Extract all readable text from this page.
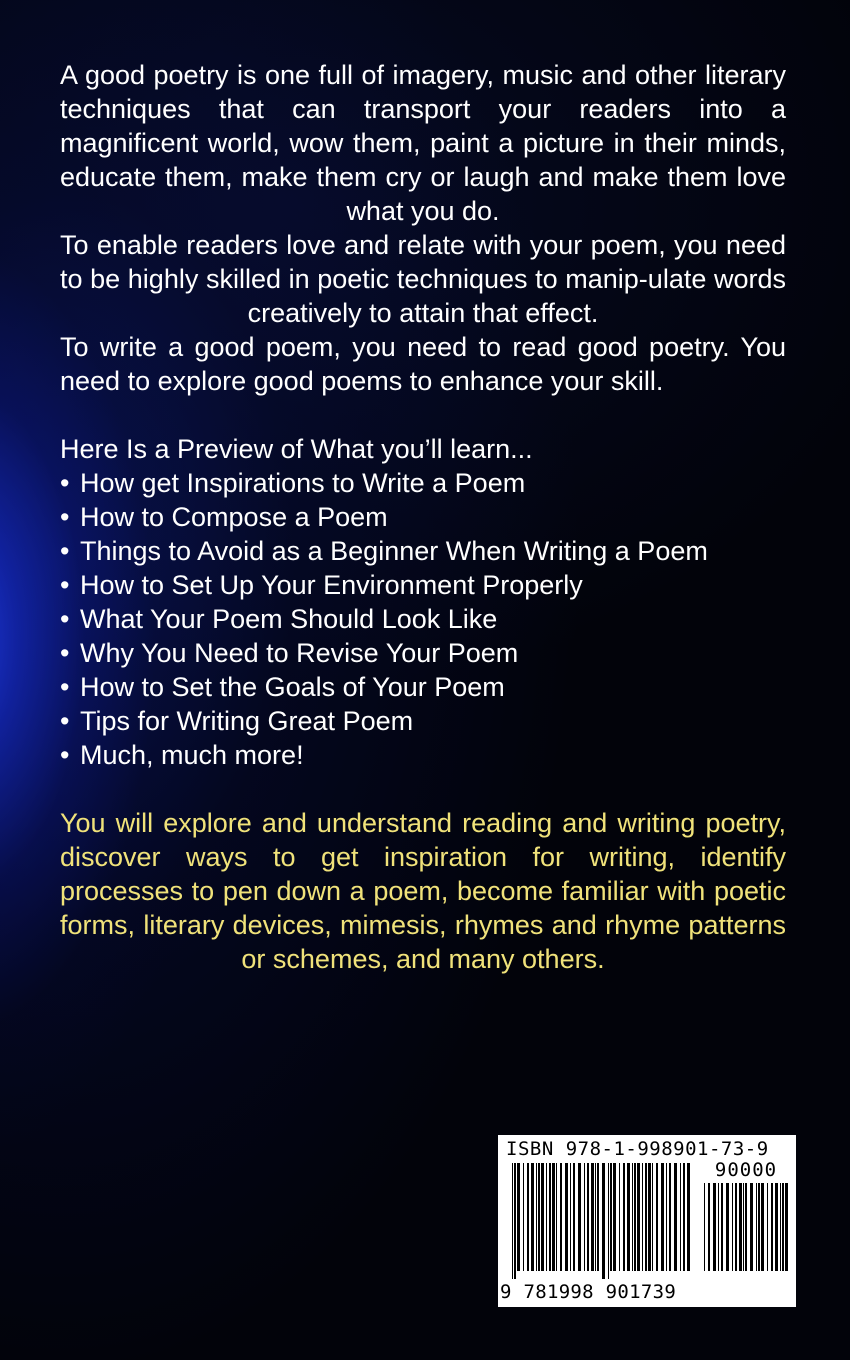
A good poetry is one full of imagery, music and other literary techniques that can transport your readers into a magnificent world, wow them, paint a picture in their minds, educate them, make them cry or laugh and make them love what you do.

To enable readers love and relate with your poem, you need to be highly skilled in poetic techniques to manip-ulate words creatively to attain that effect.

To write a good poem, you need to read good poetry. You need to explore good poems to enhance your skill.

Here Is a Preview of What you’ll learn...

• How get Inspirations to Write a Poem
• How to Compose a Poem
• Things to Avoid as a Beginner When Writing a Poem
• How to Set Up Your Environment Properly
• What Your Poem Should Look Like
• Why You Need to Revise Your Poem
• How to Set the Goals of Your Poem
• Tips for Writing Great Poem
• Much, much more!

You will explore and understand reading and writing poetry, discover ways to get inspiration for writing, identify processes to pen down a poem, become familiar with poetic forms, literary devices, mimesis, rhymes and rhyme patterns or schemes, and many others.

ISBN 978-1-998901-73-9
90000
9 781998 901739
